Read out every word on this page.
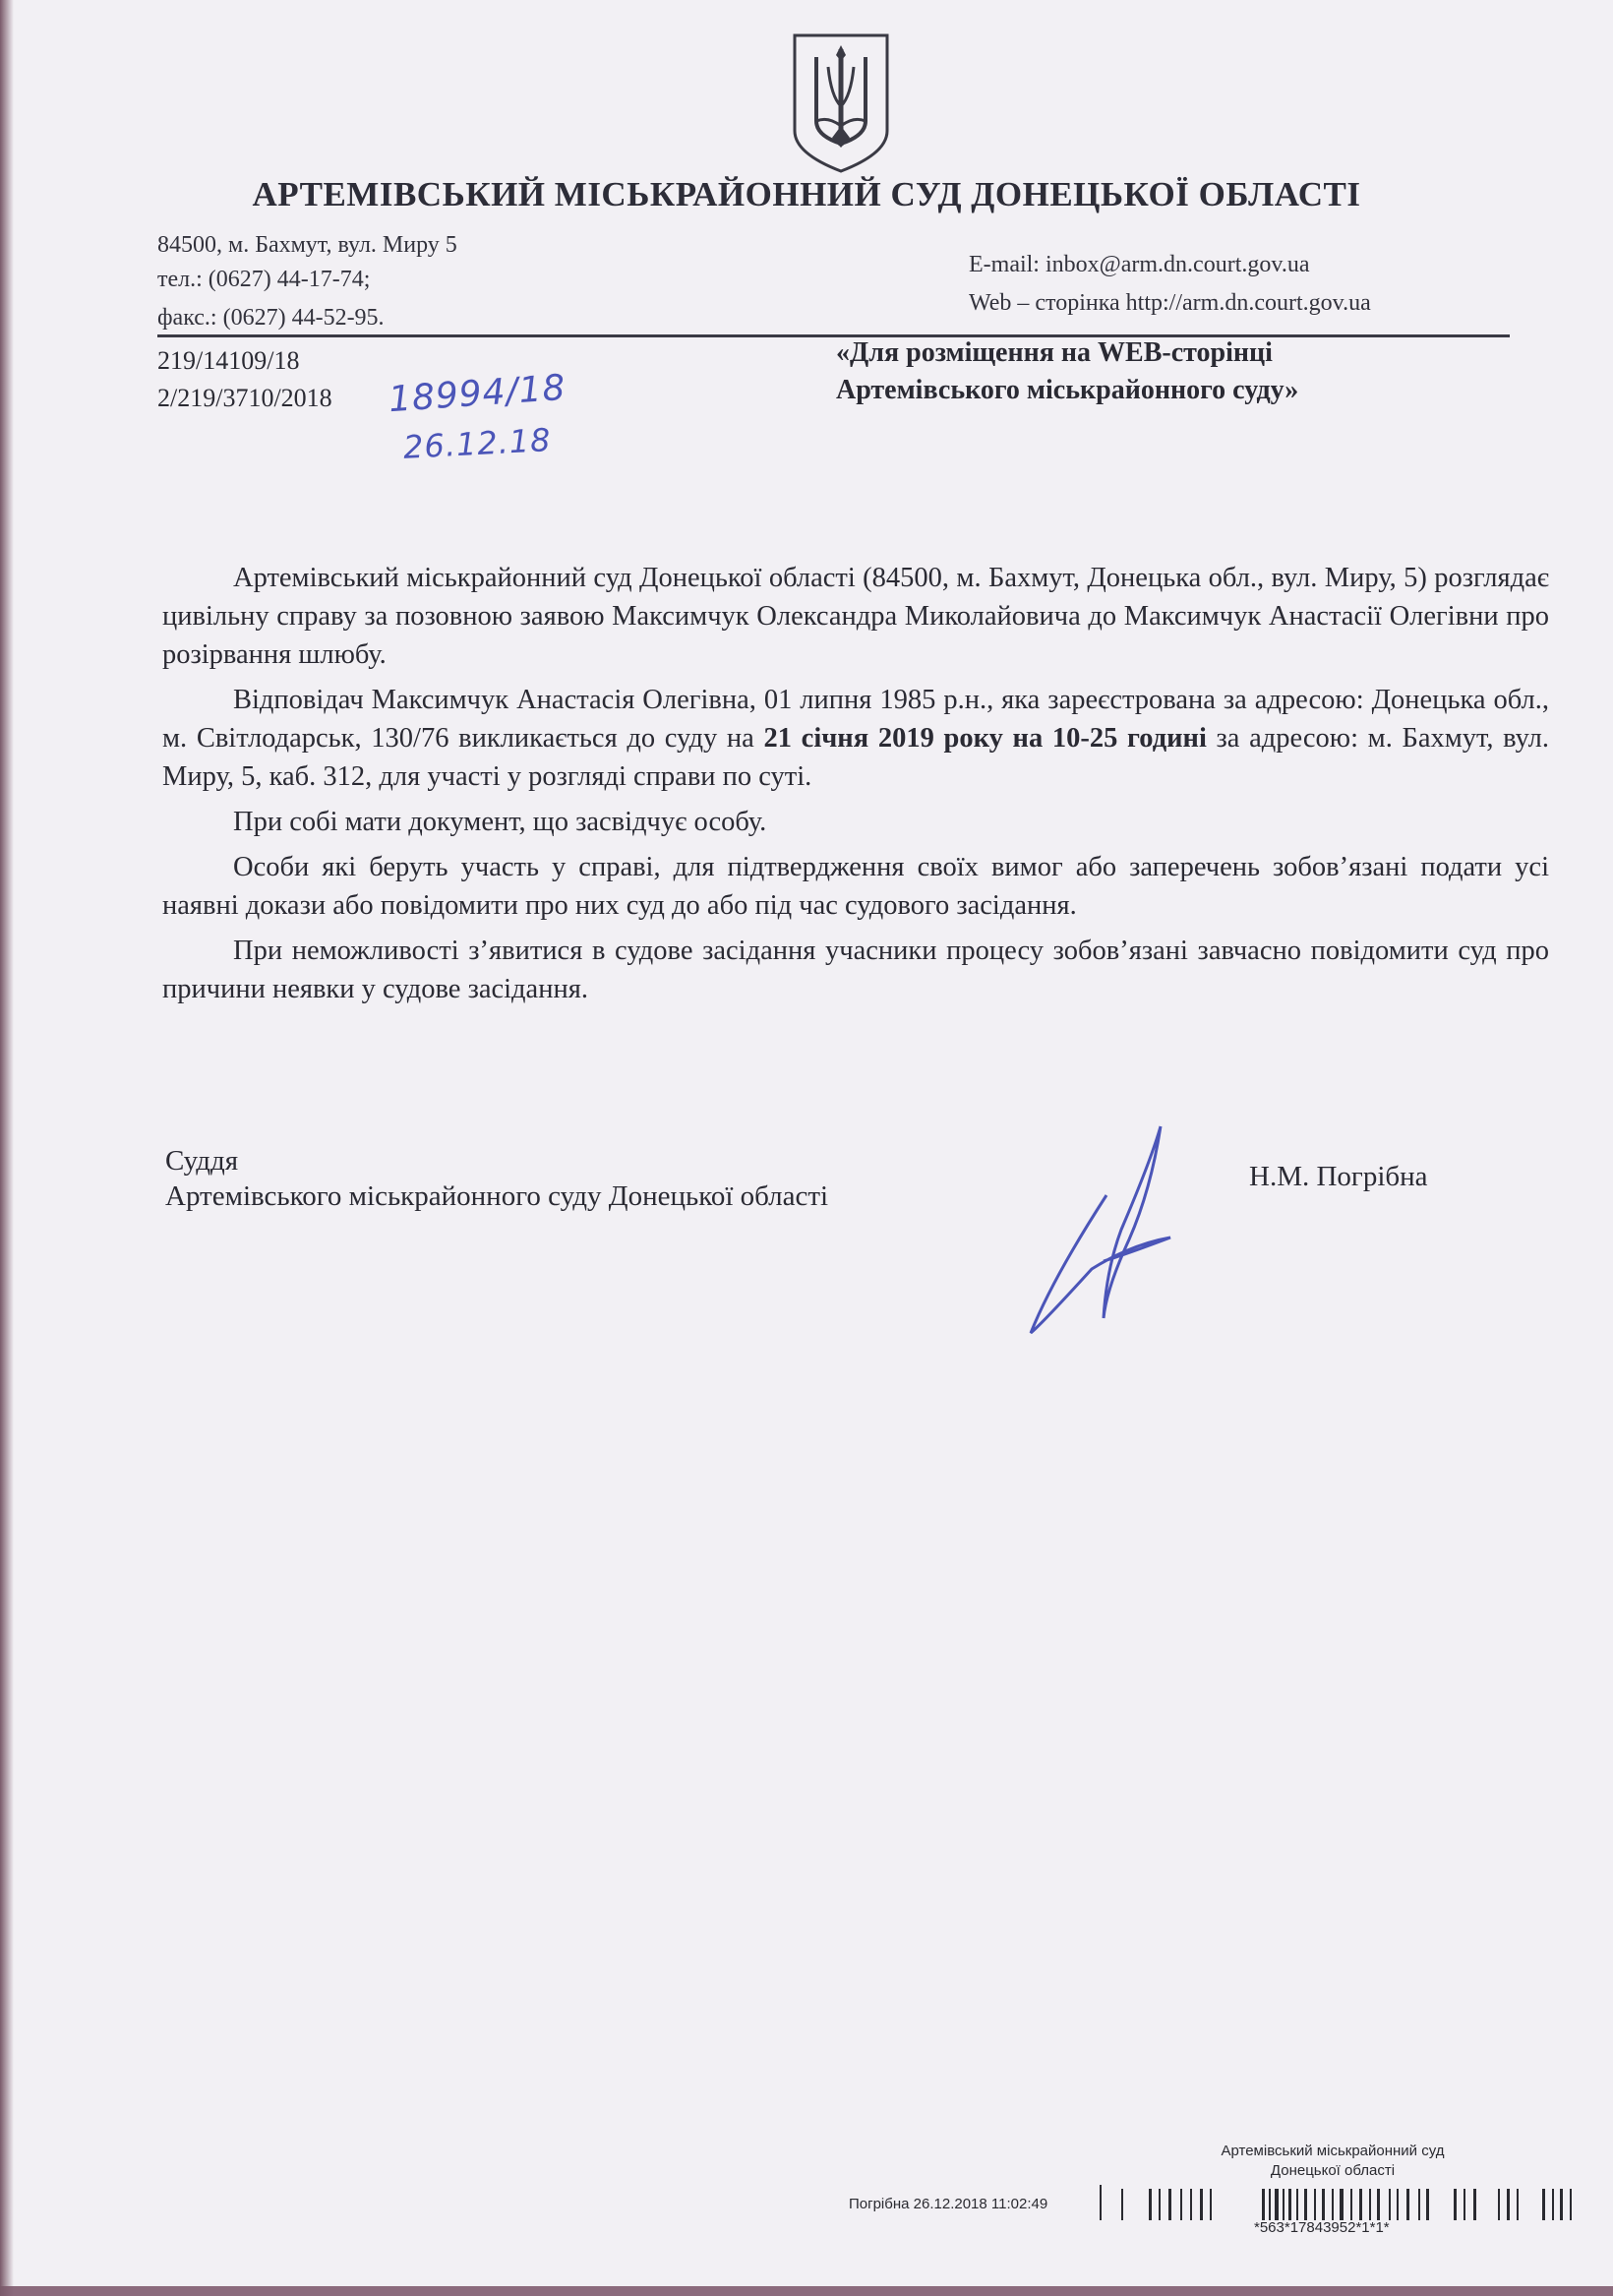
АРТЕМІВСЬКИЙ МІСЬКРАЙОННИЙ СУД ДОНЕЦЬКОЇ ОБЛАСТІ
84500, м. Бахмут, вул. Миру 5
тел.: (0627) 44-17-74;
факс.: (0627) 44-52-95.
E-mail: inbox@arm.dn.court.gov.ua
Web – сторінка http://arm.dn.court.gov.ua
219/14109/18
2/219/3710/2018 18994/18
26.12.18
«Для розміщення на WEB-сторінці
Артемівського міськрайонного суду»

Артемівський міськрайонний суд Донецької області (84500, м. Бахмут, Донецька обл., вул. Миру, 5) розглядає цивільну справу за позовною заявою Максимчук Олександра Миколайовича до Максимчук Анастасії Олегівни про розірвання шлюбу.

Відповідач Максимчук Анастасія Олегівна, 01 липня 1985 р.н., яка зареєстрована за адресою: Донецька обл., м. Світлодарськ, 130/76 викликається до суду на 21 січня 2019 року на 10-25 годині за адресою: м. Бахмут, вул. Миру, 5, каб. 312, для участі у розгляді справи по суті.

При собі мати документ, що засвідчує особу.

Особи які беруть участь у справі, для підтвердження своїх вимог або заперечень зобов’язані подати усі наявні докази або повідомити про них суд до або під час судового засідання.

При неможливості з’явитися в судове засідання учасники процесу зобов’язані завчасно повідомити суд про причини неявки у судове засідання.

Суддя
Артемівського міськрайонного суду Донецької області
Н.М. Погрібна
Артемівський міськрайонний суд
Донецької області
Погрібна 26.12.2018 11:02:49
*563*17843952*1*1*
